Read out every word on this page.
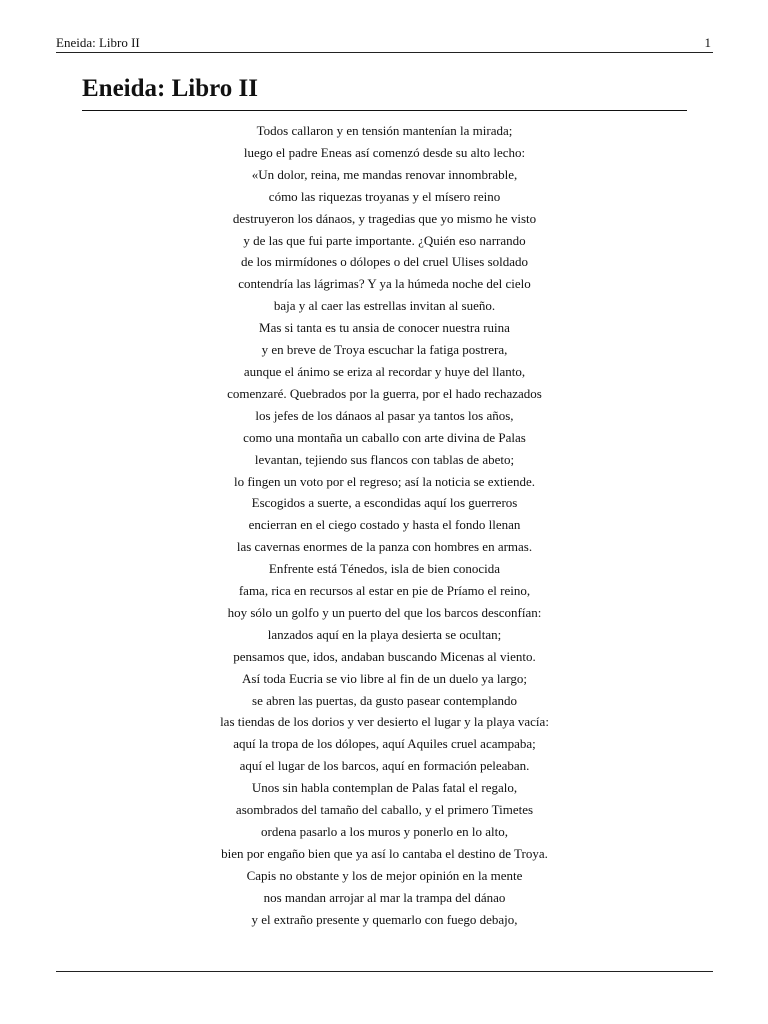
Eneida: Libro II	1
Eneida: Libro II
Todos callaron y en tensión mantenían la mirada;
luego el padre Eneas así comenzó desde su alto lecho:
«Un dolor, reina, me mandas renovar innombrable,
cómo las riquezas troyanas y el mísero reino
destruyeron los dánaos, y tragedias que yo mismo he visto
y de las que fui parte importante. ¿Quién eso narrando
de los mirmídones o dólopes o del cruel Ulises soldado
contendría las lágrimas? Y ya la húmeda noche del cielo
baja y al caer las estrellas invitan al sueño.
Mas si tanta es tu ansia de conocer nuestra ruina
y en breve de Troya escuchar la fatiga postrera,
aunque el ánimo se eriza al recordar y huye del llanto,
comenzaré. Quebrados por la guerra, por el hado rechazados
los jefes de los dánaos al pasar ya tantos los años,
como una montaña un caballo con arte divina de Palas
levantan, tejiendo sus flancos con tablas de abeto;
lo fingen un voto por el regreso; así la noticia se extiende.
Escogidos a suerte, a escondidas aquí los guerreros
encierran en el ciego costado y hasta el fondo llenan
las cavernas enormes de la panza con hombres en armas.
Enfrente está Ténedos, isla de bien conocida
fama, rica en recursos al estar en pie de Príamo el reino,
hoy sólo un golfo y un puerto del que los barcos desconfían:
lanzados aquí en la playa desierta se ocultan;
pensamos que, idos, andaban buscando Micenas al viento.
Así toda Eucria se vio libre al fin de un duelo ya largo;
se abren las puertas, da gusto pasear contemplando
las tiendas de los dorios y ver desierto el lugar y la playa vacía:
aquí la tropa de los dólopes, aquí Aquiles cruel acampaba;
aquí el lugar de los barcos, aquí en formación peleaban.
Unos sin habla contemplan de Palas fatal el regalo,
asombrados del tamaño del caballo, y el primero Timetes
ordena pasarlo a los muros y ponerlo en lo alto,
bien por engaño bien que ya así lo cantaba el destino de Troya.
Capis no obstante y los de mejor opinión en la mente
nos mandan arrojar al mar la trampa del dánao
y el extraño presente y quemarlo con fuego debajo,
